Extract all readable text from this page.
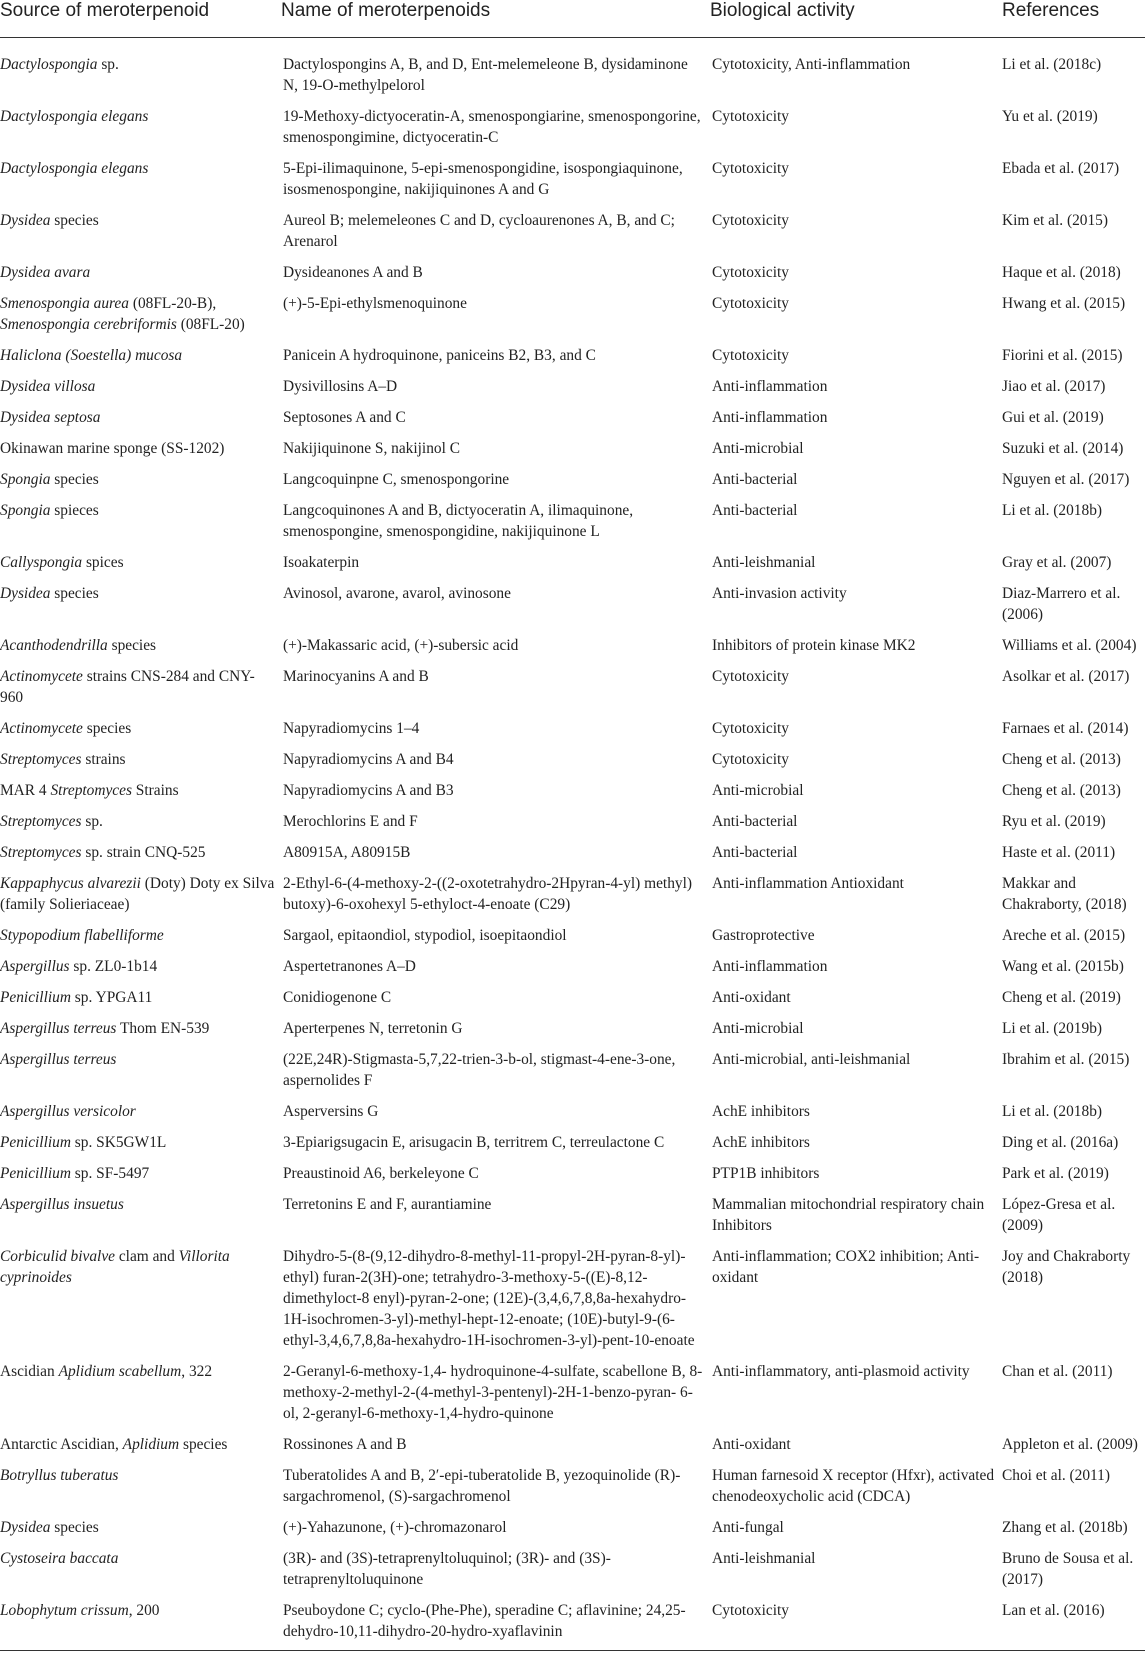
Source of meroterpenoid	Name of meroterpenoids	Biological activity	References
Dactylospongia sp.	Dactylospongins A, B, and D, Ent-melemeleone B, dysidaminone N, 19-O-methylpelorol	Cytotoxicity, Anti-inflammation	Li et al. (2018c)
Dactylospongia elegans	19-Methoxy-dictyoceratin-A, smenospongiarine, smenospongorine, smenospongimine, dictyoceratin-C	Cytotoxicity	Yu et al. (2019)
Dactylospongia elegans	5-Epi-ilimaquinone, 5-epi-smenospongidine, isospongiaquinone, isosmenospongine, nakijiquinones A and G	Cytotoxicity	Ebada et al. (2017)
Dysidea species	Aureol B; melemeleones C and D, cycloaurenones A, B, and C; Arenarol	Cytotoxicity	Kim et al. (2015)
Dysidea avara	Dysideanones A and B	Cytotoxicity	Haque et al. (2018)
Smenospongia aurea (08FL-20-B), Smenospongia cerebriformis (08FL-20)	(+)-5-Epi-ethylsmenoquinone	Cytotoxicity	Hwang et al. (2015)
Haliclona (Soestella) mucosa	Panicein A hydroquinone, paniceins B2, B3, and C	Cytotoxicity	Fiorini et al. (2015)
Dysidea villosa	Dysivillosins A–D	Anti-inflammation	Jiao et al. (2017)
Dysidea septosa	Septosones A and C	Anti-inflammation	Gui et al. (2019)
Okinawan marine sponge (SS-1202)	Nakijiquinone S, nakijinol C	Anti-microbial	Suzuki et al. (2014)
Spongia species	Langcoquinpne C, smenospongorine	Anti-bacterial	Nguyen et al. (2017)
Spongia spieces	Langcoquinones A and B, dictyoceratin A, ilimaquinone, smenospongine, smenospongidine, nakijiquinone L	Anti-bacterial	Li et al. (2018b)
Callyspongia spices	Isoakaterpin	Anti-leishmanial	Gray et al. (2007)
Dysidea species	Avinosol, avarone, avarol, avinosone	Anti-invasion activity	Diaz-Marrero et al. (2006)
Acanthodendrilla species	(+)-Makassaric acid, (+)-subersic acid	Inhibitors of protein kinase MK2	Williams et al. (2004)
Actinomycete strains CNS-284 and CNY-960	Marinocyanins A and B	Cytotoxicity	Asolkar et al. (2017)
Actinomycete species	Napyradiomycins 1–4	Cytotoxicity	Farnaes et al. (2014)
Streptomyces strains	Napyradiomycins A and B4	Cytotoxicity	Cheng et al. (2013)
MAR 4 Streptomyces Strains	Napyradiomycins A and B3	Anti-microbial	Cheng et al. (2013)
Streptomyces sp.	Merochlorins E and F	Anti-bacterial	Ryu et al. (2019)
Streptomyces sp. strain CNQ-525	A80915A, A80915B	Anti-bacterial	Haste et al. (2011)
Kappaphycus alvarezii (Doty) Doty ex Silva (family Solieriaceae)	2-Ethyl-6-(4-methoxy-2-((2-oxotetrahydro-2Hpyran-4-yl) methyl) butoxy)-6-oxohexyl 5-ethyloct-4-enoate (C29)	Anti-inflammation Antioxidant	Makkar and Chakraborty, (2018)
Stypopodium flabelliforme	Sargaol, epitaondiol, stypodiol, isoepitaondiol	Gastroprotective	Areche et al. (2015)
Aspergillus sp. ZL0-1b14	Aspertetranones A–D	Anti-inflammation	Wang et al. (2015b)
Penicillium sp. YPGA11	Conidiogenone C	Anti-oxidant	Cheng et al. (2019)
Aspergillus terreus Thom EN-539	Aperterpenes N, terretonin G	Anti-microbial	Li et al. (2019b)
Aspergillus terreus	(22E,24R)-Stigmasta-5,7,22-trien-3-b-ol, stigmast-4-ene-3-one, aspernolides F	Anti-microbial, anti-leishmanial	Ibrahim et al. (2015)
Aspergillus versicolor	Asperversins G	AchE inhibitors	Li et al. (2018b)
Penicillium sp. SK5GW1L	3-Epiarigsugacin E, arisugacin B, territrem C, terreulactone C	AchE inhibitors	Ding et al. (2016a)
Penicillium sp. SF-5497	Preaustinoid A6, berkeleyone C	PTP1B inhibitors	Park et al. (2019)
Aspergillus insuetus	Terretonins E and F, aurantiamine	Mammalian mitochondrial respiratory chain Inhibitors	López-Gresa et al. (2009)
Corbiculid bivalve clam and Villorita cyprinoides	Dihydro-5-(8-(9,12-dihydro-8-methyl-11-propyl-2H-pyran-8-yl)-ethyl) furan-2(3H)-one; tetrahydro-3-methoxy-5-((E)-8,12-dimethyloct-8 enyl)-pyran-2-one; (12E)-(3,4,6,7,8,8a-hexahydro-1H-isochromen-3-yl)-methyl-hept-12-enoate; (10E)-butyl-9-(6-ethyl-3,4,6,7,8,8a-hexahydro-1H-isochromen-3-yl)-pent-10-enoate	Anti-inflammation; COX2 inhibition; Anti-oxidant	Joy and Chakraborty (2018)
Ascidian Aplidium scabellum, 322	2-Geranyl-6-methoxy-1,4- hydroquinone-4-sulfate, scabellone B, 8-methoxy-2-methyl-2-(4-methyl-3-pentenyl)-2H-1-benzo-pyran- 6-ol, 2-geranyl-6-methoxy-1,4-hydro-quinone	Anti-inflammatory, anti-plasmoid activity	Chan et al. (2011)
Antarctic Ascidian, Aplidium species	Rossinones A and B	Anti-oxidant	Appleton et al. (2009)
Botryllus tuberatus	Tuberatolides A and B, 2′-epi-tuberatolide B, yezoquinolide (R)-sargachromenol, (S)-sargachromenol	Human farnesoid X receptor (Hfxr), activated chenodeoxycholic acid (CDCA)	Choi et al. (2011)
Dysidea species	(+)-Yahazunone, (+)-chromazonarol	Anti-fungal	Zhang et al. (2018b)
Cystoseira baccata	(3R)- and (3S)-tetraprenyltoluquinol; (3R)- and (3S)-tetraprenyltoluquinone	Anti-leishmanial	Bruno de Sousa et al. (2017)
Lobophytum crissum, 200	Pseuboydone C; cyclo-(Phe-Phe), speradine C; aflavinine; 24,25-dehydro-10,11-dihydro-20-hydro-xyaflavinin	Cytotoxicity	Lan et al. (2016)
